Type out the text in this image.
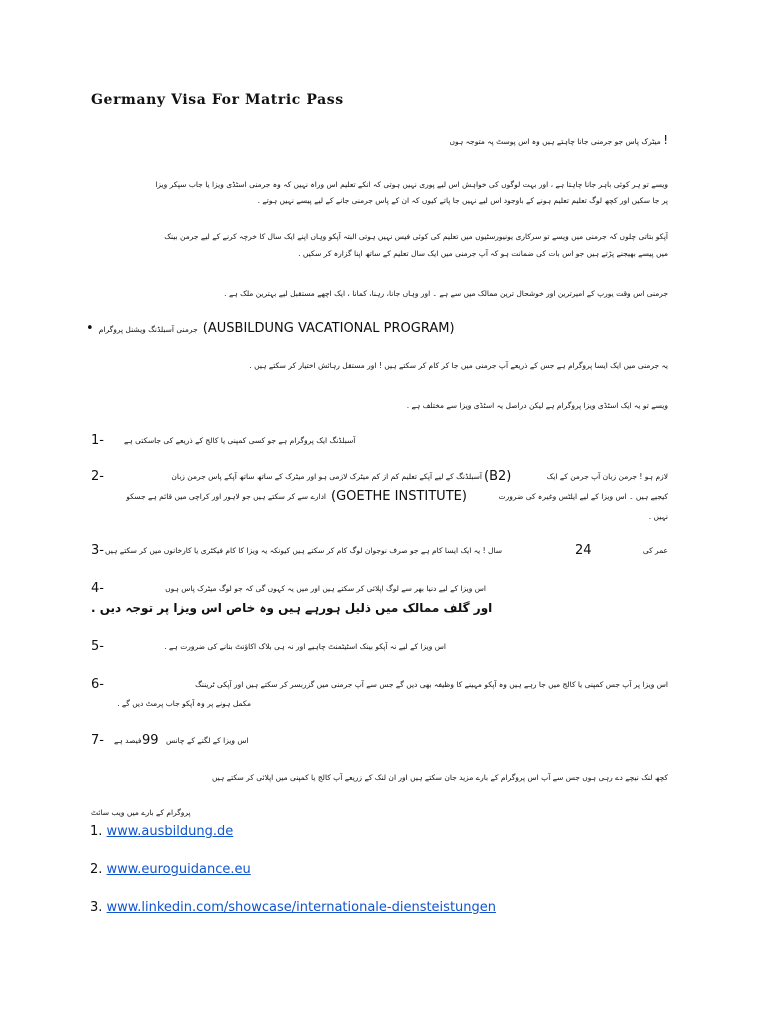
Germany Visa For Matric Pass
! میٹرک پاس جو جرمنی جانا چاہتے ہیں وہ اس پوسٹ پہ متوجہ ہوں
ویسے تو ہر کوئی باہر جانا چاہتا ہے ، اور بہت لوگوں کی خواہش اس لیے پوری نہیں ہوتی کہ انکے تعلیم اس وراہ نہیں کہ وہ جرمنی اسٹڈی ویزا یا جاب سپکر ویزا
پر جا سکیں اور کچھ لوگ تعلیم تعلیم ہونے کے باوجود اس لیے نہیں جا پاتے کیوں کہ ان کے پاس جرمنی جانے کے لیے پیسے نہیں ہوتے .
آپکو بتاتی چلوں کہ جرمنی میں ویسے تو سرکاری یونیورسٹیوں میں تعلیم کی کوئی فیس نہیں ہوتی البتہ آپکو وہاں اپنے ایک سال کا خرچہ کرنے کے لیے جرمن بینک
میں پیسے بھیجنے پڑتے ہیں جو اس بات کی ضمانت ہو کہ آپ جرمنی میں ایک سال تعلیم کے ساتھ اپنا گزارہ کر سکیں .
جرمنی اس وقت یورپ کے امیرترین اور خوشحال ترین ممالک میں سے ہے ۔ اور وہاں جانا، رہنا، کمانا ، ایک اچھے مستقبل لیے بہترین ملک ہے .
• جرمنی آسبلڈنگ ویشنل پروگرام (AUSBILDUNG VACATIONAL PROGRAM)
یہ جرمنی میں ایک ایسا پروگرام ہے جس کے ذریعے آپ جرمنی میں جا کر کام کر سکتے ہیں ! اور مستقل رہائش اختیار کر سکتے ہیں .
ویسے تو یہ ایک اسٹڈی ویزا پروگرام ہے لیکن دراصل یہ اسٹڈی ویزا سے مختلف ہے .
1-	آسبلڈنگ ایک پروگرام ہے جو کسی کمپنی یا کالج کے ذریعے کی جاسکتی ہے
2-	لازم ہو ! جرمن زبان آپ جرمن کے ایک
(B2)
آسبلڈنگ کے لیے آپکے تعلیم کم از کم میٹرک لازمی ہو اور میٹرک کے ساتھ ساتھ آپکے پاس جرمن زبان
کیجیے ہیں ۔ اس ویزا کے لیے ایلٹس وغیرہ کی ضرورت
(GOETHE INSTITUTE)
ادارے سے کر سکتے ہیں جو لاہور اور کراچی میں قائم ہے جسکو
نہیں .
3- سال ! یہ ایک ایسا کام ہے جو صرف نوجوان لوگ کام کر سکتے ہیں کیونکہ یہ ویزا کا کام فیکٹری یا کارخانوں میں کر سکتے ہیں	24	عمر کی
4-	اس ویزا کے لیے دنیا بھر سے لوگ اپلائی کر سکتے ہیں اور میں یہ کہوں گی کہ جو لوگ میٹرک پاس ہوں
اور گلف ممالک میں ذلیل ہورہے ہیں وہ خاص اس ویزا پر توجہ دیں .
5-	اس ویزا کے لیے نہ آپکو بینک اسٹیٹمنٹ چاہیے اور نہ ہی بلاک اکاؤنٹ بنانے کی ضرورت ہے .
6-	اس ویزا پر آپ جس کمپنی یا کالج میں جا رہے ہیں وہ آپکو مہینے کا وظیفہ بھی دیں گے جس سے آپ جرمنی میں گزربسر کر سکتے ہیں اور آپکی ٹریننگ
مکمل ہونے پر وہ آپکو جاب پرمٹ دیں گے .
7- فیصد ہے 99 اس ویزا کے لگنے کے چانس
کچھ لنک نیچے دے رہی ہوں جس سے آپ اس پروگرام کے بارے مزید جان سکتے ہیں اور ان لنک کے زریعے آپ کالج یا کمپنی میں اپلائی کر سکتے ہیں
پروگرام کے بارے میں ویب سائٹ
1. www.ausbildung.de
2. www.euroguidance.eu
3. www.linkedin.com/showcase/internationale-diensteistungen
